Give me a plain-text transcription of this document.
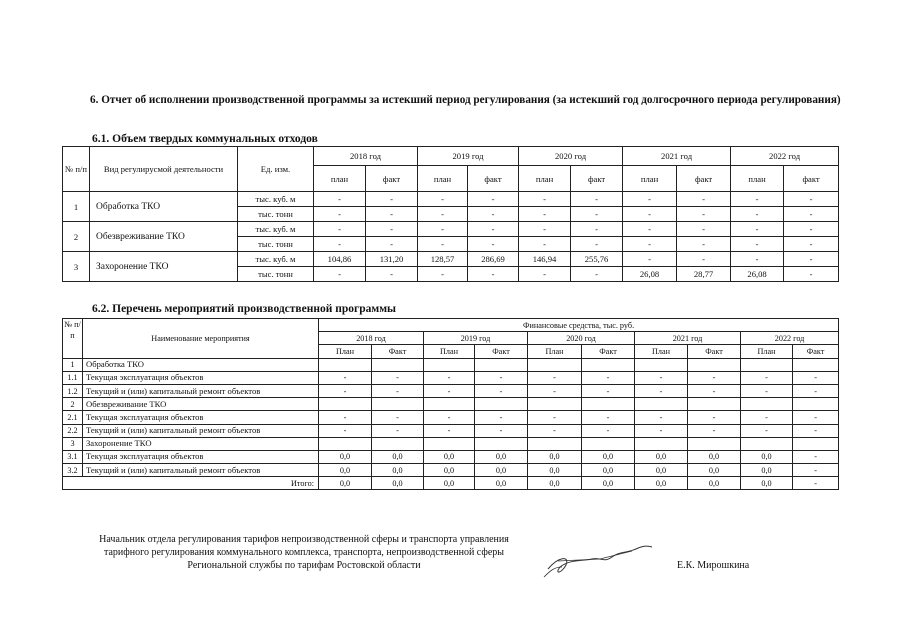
6. Отчет об исполнении производственной программы за истекший период регулирования (за истекший год долгосрочного периода регулирования)
6.1. Объем твердых коммунальных отходов
№ п/п	Вид регулирусмой деятельности	Ед. изм.	2018 год		2019 год		2020 год		2021 год		2022 год	
			план	факт	план	факт	план	факт	план	факт	план	факт
1	Обработка ТКО	тыс. куб. м	-	-	-	-	-	-	-	-	-	-
		тыс. тонн	-	-	-	-	-	-	-	-	-	-
2	Обезвреживание ТКО	тыс. куб. м	-	-	-	-	-	-	-	-	-	-
		тыс. тонн	-	-	-	-	-	-	-	-	-	-
3	Захоронение ТКО	тыс. куб. м	104,86	131,20	128,57	286,69	146,94	255,76	-	-	-	-
		тыс. тонн	-	-	-	-	-	-	26,08	28,77	26,08	-
6.2. Перечень мероприятий производственной программы
№ п/п	Наименование мероприятия	Финансовые средства, тыс. руб.									
		2018 год		2019 год		2020 год		2021 год		2022 год	
		План	Факт	План	Факт	План	Факт	План	Факт	План	Факт
1	Обработка ТКО										
1.1	Текущая эксплуатация объектов	-	-	-	-	-	-	-	-	-	-
1.2	Текущий и (или) капитальный ремонт объектов	-	-	-	-	-	-	-	-	-	-
2	Обезвреживание ТКО										
2.1	Текущая эксплуатация объектов	-	-	-	-	-	-	-	-	-	-
2.2	Текущий и (или) капитальный ремонт объектов	-	-	-	-	-	-	-	-	-	-
3	Захоронение ТКО										
3.1	Текущая эксплуатация объектов	0,0	0,0	0,0	0,0	0,0	0,0	0,0	0,0	0,0	-
3.2	Текущий и (или) капитальный ремонт объектов	0,0	0,0	0,0	0,0	0,0	0,0	0,0	0,0	0,0	-
Итого:		0,0	0,0	0,0	0,0	0,0	0,0	0,0	0,0	0,0	-
Начальник отдела регулирования тарифов непроизводственной сферы и транспорта управления тарифного регулирования коммунального комплекса, транспорта, непроизводственной сферы Региональной службы по тарифам Ростовской области	Е.К. Мирошкина
